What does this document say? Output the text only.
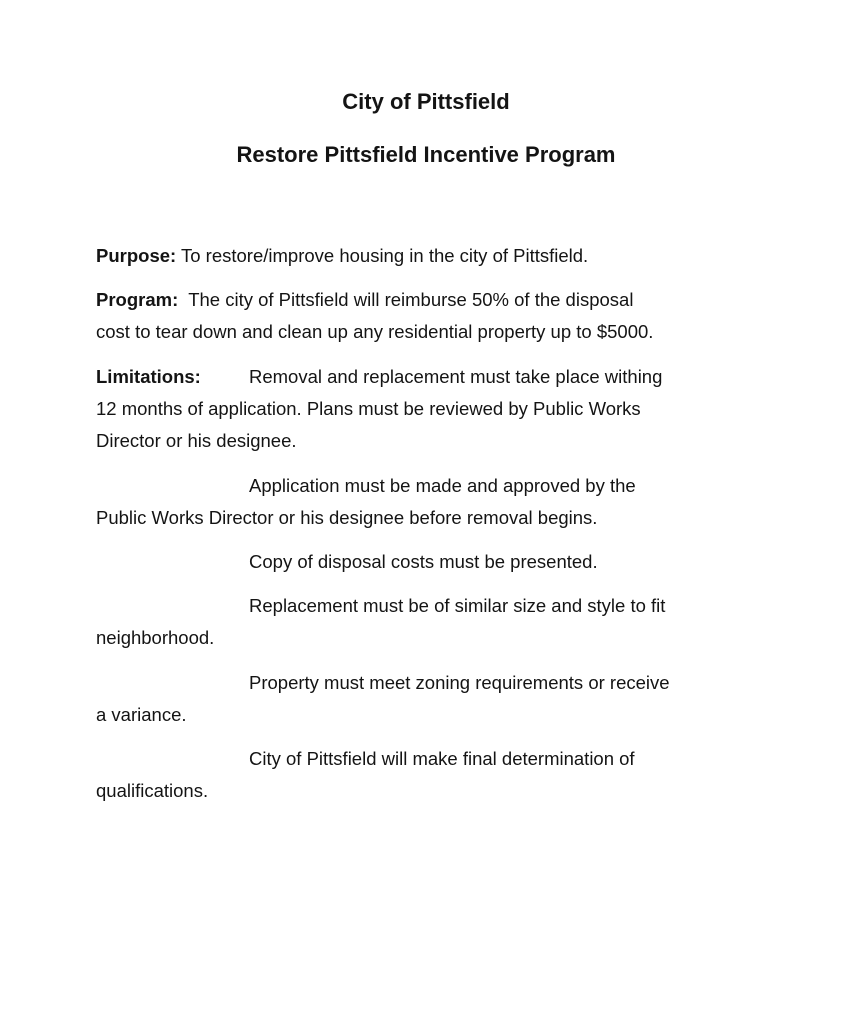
City of Pittsfield
Restore Pittsfield Incentive Program

Purpose: To restore/improve housing in the city of Pittsfield.

Program: The city of Pittsfield will reimburse 50% of the disposal

cost to tear down and clean up any residential property up to $5000.

Limitations:	Removal and replacement must take place withing

12 months of application. Plans must be reviewed by Public Works

Director or his designee.

Application must be made and approved by the

Public Works Director or his designee before removal begins.

Copy of disposal costs must be presented.

Replacement must be of similar size and style to fit

neighborhood.

Property must meet zoning requirements or receive

a variance.

City of Pittsfield will make final determination of

qualifications.
